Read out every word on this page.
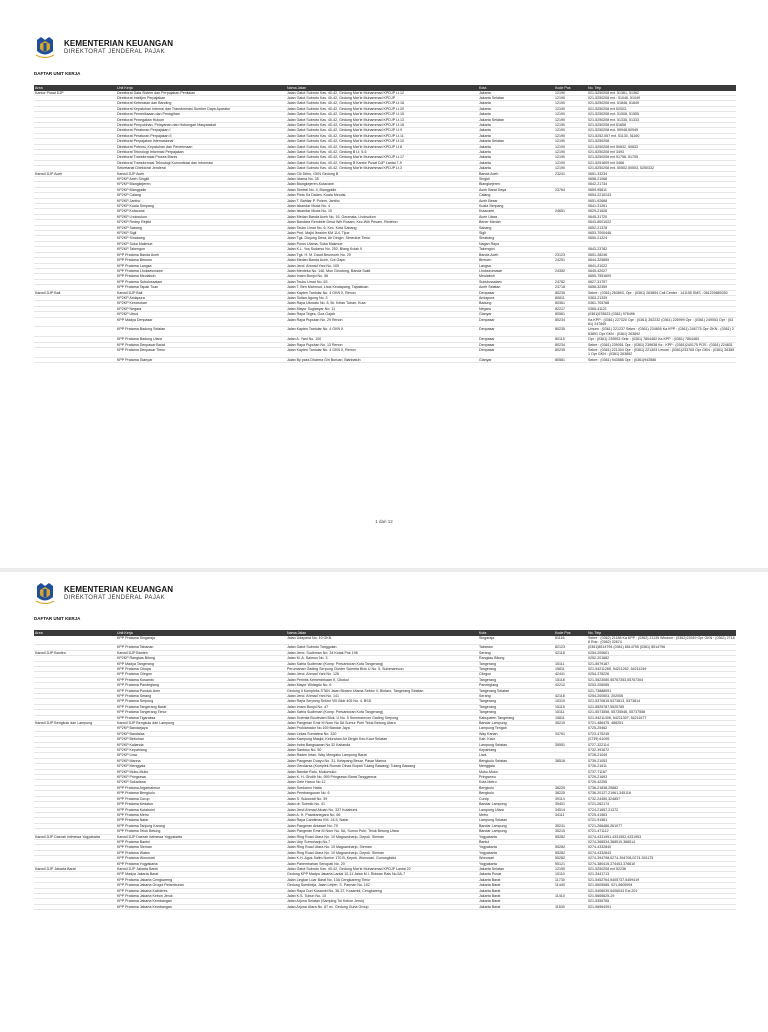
KEMENTERIAN KEUANGAN
DIREKTORAT JENDERAL PAJAK
DAFTAR UNIT KERJA
Area	Unit Kerja	Nama Jalan	Kota	Kode Pos	No. Telp
Kantor Pusat DJP	Direktorat Data Sistem dan Perpajakan Penilaian	Jalan Gatot Subroto Kav. 40-42, Gedung Mar'ie Muhammad KPDJP Lt.12	Jakarta	12190	021-5250208 ext. 51361, 51362
	Direktorat Intelijen Perpajakan	Jalan Gatot Subroto Kav. 40-42, Gedung Mar'ie Muhammad KPDJP	Jakarta Selatan	12190	021-5250208 ext : 51046, 51049
	Direktorat Keberatan dan Banding	Jalan Gatot Subroto Kav. 40-42, Gedung Mar'ie Muhammad KPDJP Lt.18	Jakarta	12190	021-5250208 ext. 51846, 51849
	Direktorat Kepatuhan Internal dan Transformasi Sumber Daya Aparatur	Jalan Gatot Subroto Kav. 40-42, Gedung Mar'ie Muhammad KPDJP Lt.20	Jakarta	12190	021-5250208 ext 52003,
	Direktorat Pemeriksaan dan Penagihan	Jalan Gatot Subroto Kav. 40-42, Gedung Mar'ie Muhammad KPDJP Lt.15	Jakarta	12190	021-5250208 ext. 51508, 51555
	Direktorat Penegakan Hukum	Jalan Gatot Subroto Kav. 40-42, Gedung Mar'ie Muhammad KPDJP Lt.13	Jakarta Selatan	12190	021-5250208 ext. 51335, 51333
	Direktorat Penyuluhan, Pelayanan dan Hubungan Masyarakat	Jalan Gatot Subroto Kav. 40-42, Gedung Mar'ie Muhammad KPDJP Lt.16	Jakarta	12190	021-5250208 ext 51658
	Direktorat Peraturan Perpajakan I	Jalan Gatot Subroto Kav. 40-42, Gedung Mar'ie Muhammad KPDJP Lt.9	Jakarta	12190	021-5250208 ext. 50948,50949
	Direktorat Peraturan Perpajakan II	Jalan Gatot Subroto Kav. 40-42, Gedung Mar'ie Muhammad KPDJP Lt.11	Jakarta	12190	021-5252.057 ext. 51130, 51160
	Direktorat Perpajakan Internasional	Jalan Gatot Subroto Kav. 40-42, Gedung Mar'ie Muhammad KPDJP Lt.10	Jakarta Selatan	12190	021-5250208
	Direktorat Potensi, Kepatuhan dan Penerimaan	Jalan Gatot Subroto Kav. 40-42, Gedung Mar'ie Muhammad KPDJP Lt.8	Jakarta	12190	021-5250208 ext 50832, 50833
	Direktorat Teknologi Informasi Perpajakan	Jalan Gatot Subroto Kav. 40-42, Gedung B Lt. 5-6	Jakarta	12190	021-5250208 ext 3493
	Direktorat Transformasi Proses Bisnis	Jalan Gatot Subroto Kav. 40-42, Gedung Mar'ie Muhammad KPDJP Lt.17	Jakarta	12190	021-5250208 ext 51756, 51755
	Direktorat Transformasi Teknologi Komunikasi dan Informasi	Jalan Gatot Subroto Kav. 40-42, Gedung B Kantor Pusat DJP Lantai 7-9	Jakarta	12190	021-5251609 ext 3468
	Sekretariat Direktorat Jenderal	Jalan Gatot Subroto Kav. 40-42, Gedung Mar'ie Muhammad KPDJP Lt.3	Jakarta	12190	021-5250208 ext. 50502,50503, 5250332
Kanwil DJP Aceh	Kanwil DJP Aceh	Jalan Cik Ditiro, GKN Gedung B	Banda Aceh	23241	0651-33234
	KP2KP Aceh Singkil	Jalan Utama No. 35	Singkil		0658-21068
	KP2KP Blangkejeren	Jalan Blangkejeren-Kutacane	Blangkejeren		0642-21734
	KP2KP Blangpidie	Jalan Sentral No. 4, Blangpidie	Aceh Barat Daya	23764	0659-95611
	KP2KP Calang	Jalan Pinto Sa Dalam, Kuala Meurisi,	Calang		0654-2210243
	KP2KP Jantho	Jalan T. Bahtiar P. Polem, Jantho	Aceh Besar		0651-92668
	KP2KP Kuala Simpang	Jalan Iskandar Muda No. 4	Kuala Simpang		0641-31261
	KP2KP Kutacane	Jalan Iskandar Muda No. 10	Kutacane	24651	0629-21628
	KP2KP Lhoksukon	Jalan Medan Banda Aceh No. 16, Geumata, Lhoksukon	Aceh Utara		0645-31720
	KP2KP Redep Rejeki	Jalan Bandara Rembele Desa Wih Rosam, Kec.Wih Pesam, Redelon	Bener Meriah		0643-8001022
	KP2KP Sabang	Jalan Teuku Umar No. 6, Kec. Kota Sabang	Sabang		0652-21378
	KP2KP Sigli	Jalan Prof. Majid Ibrahim KM 114, Tijue	Sigli		0653-7000446
	KP2KP Sinabang	Jalan Tgk. Diujung Desa, Air Dingin, Simeulue Timur	Sinabang		0650-21224
	KP2KP Suka Makmue	Jalan Poros Utama, Suka Makmue	Nagan Raya		
	KP2KP Takengon	Jalan K.L. Yos Sudarso No. 252, Blang Kolak II	Takengon		0643-23782
	KPP Pratama Banda Aceh	Jalan Tgk. H. M. Daud Beureueh No. 20	Banda Aceh	23123	0651-28246
	KPP Pratama Bireuen	Jalan Medan Banda Aceh, Cot Gapu	Bireuen	24251	0644-325859
	KPP Pratama Langsa	Jalan Jend. Ahmad Yani No. 105	Langsa		0641-21022
	KPP Pratama Lhokseumawe	Jalan Merdeka No. 146, Mon Geudong, Banda Sakti	Lhokseumawe	24352	0645-42027
	KPP Pratama Meulaboh	Jalan Imam Bonjol No. 56	Meulaboh		0655-7551609
	KPP Pratama Subulussalam	Jalan Teuku Umar No. 63	Subulussalam	24782	0627-31757
	KPP Pratama Tapak Tuan	Jalan T. Ben Mahmud, Lhok Keutapang, Tapaktuan	Aceh Selatan	23718	0656-32359
Kanwil DJP Bali	Kanwil DJP Bali	Jalan Kapten Tantular No. 4 GKN II, Renon	Denpasar	80235	Sekre : (0361) 263893, Opr : (0361) 263894 Call Center : 141155 SMS : 081229889250
	KP2KP Amlapura	Jalan Sultan Agung No. 3	Amlapura	80811	0363-21339
	KP2KP Kerobokan	Jalan Raya Uluwatu No. 8, Br. Kelan Tuban, Kuta	Badung	80361	0361-705768
	KP2KP Negara	Jalan Mayor Sugianyar No. 11	Negara	82217	0365-41121
	KP2KP Ubud	Jalan Raya Teges, Goa Gajah	Gianyar	80561	(0361)978523 (0361) 976496
	KPP Madya Denpasar	Jalan Raya Puputan No. 29 Renon	Denpasar	80234	Ka KPP : (0361) 227320 Opr : (0361) 262232 (0361) 226999 Opr : (0361) 249053 Opr : (0361) 247849
	KPP Pratama Badung Selatan	Jalan Kapten Tantular No. 4 GKN II	Denpasar	80235	Umum : (0361) 221237 Sekre : (0361) 234805 Ka KPP : (0361) 246775 Opr GKN : (0361) 263891 Opr GKN : (0361) 263892
	KPP Pratama Badung Utara	Jalan A. Yani No. 100	Denpasar	80115	Opr : (0361) 239553 Sekr : (0361) 7804482 Ka KPP : (0361) 7804483
	KPP Pratama Denpasar Barat	Jalan Raya Puputan No. 13 Renon	Denpasar	80234	Sekre : (0361) 239051 Opr : (0361) 239638 Ks : KPP : (0361)240175 POS : (0361) 224831
	KPP Pratama Denpasar Timur	Jalan Kapten Tantular No. 4 GKN II, Renon	Denpasar	80235	Sekre : (0361) 221304 Opr : (0361) 221303 Umum : (0361)233765 Opr GKN : (0361) 263891 Opr GKN : (0361) 263892
	KPP Pratama Gianyar	Jalan By pass Dharma Giri Buruan, Blahbatuh	Gianyar	80581	Sekre : (0361) 943586 Opr : (0361)943586
1 dari 12
KEMENTERIAN KEUANGAN
DIREKTORAT JENDERAL PAJAK
DAFTAR UNIT KERJA
Area	Unit Kerja	Nama Jalan	Kota	Kode Pos	No. Telp
	KPP Pratama Singaraja	Jalan Udayana No. 10 GKN	Singaraja	81116	Sekre : (0362) 21188 Ka KPP : (0362) 21135 Wisdom : (0362)23949 Opr GKN : (0362) 27188 Rdc : (0362) 32674
	KPP Pratama Tabanan	Jalan Gatot Subroto Tanggulan	Tabanan	82123	(0361)8514794 (0361) 8514795 (0361) 8514796
Kanwil DJP Banten	Kanwil DJP Banten	Jalan Jend. Sudirman No. 34 Kotak Pos 196	Serang	42118	0254-200601
	KP2KP Rangkas Bitung	Jalan M. A. Salmun No. 3	Rangkas Bitung		0252-201682
	KPP Madya Tangerang	Jalan Satria Sudirman (Komp. Perkantoran Kota Tangerang)	Tangerang	15111	021-5579187
	KPP Pratama Cikupa	Perumahan Gading Serpong Cluster Scientia Blok U No. 5, Summarecon	Tangerang	15811	021-54211265, 54211262, 54211249
	KPP Pratama Cilegon	Jalan Jend. Ahmad Yani No. 126	Cilegon	42441	0254-376226
	KPP Pratama Kosambi	Jalan Perintis Kemerdekaan II, Cikokol	Tangerang	15118	021-5523080,55767353,55767304
	KPP Pratama Pandeglang	Jalan Mayor Widagdo No. 6	Pandeglang	42212	0253-206085
	KPP Pratama Pondok Aren	Gedung II Kompleks STAN Jalan Bintaro Utama Sektor V, Bintaro, Tangerang Selatan	Tangerang Selatan		021-73888091
	KPP Pratama Serang	Jalan Jend. Ahmad Yani No. 141	Serang	42118	0254-200503, 202006
	KPP Pratama Serpong	Jalan Raya Serpong Sektor VIII Blok 405 No. 4, BSD	Tangerang	15310	021-5370815,5373813, 5373814
	KPP Pratama Tangerang Barat	Jalan Imam Bonjol No. 47	Tangerang	15115	021-5525787,5525785
	KPP Pratama Tangerang Timur	Jalan Satria Sudirman (Komp. Perkantoran Kota Tangerang)	Tangerang	15111	021-5573558, 55735548, 55737558
	KPP Pratama Tigaraksa	Jalan Scientia Boulevard Blok. U No. 5 Summarecon Gading Serpong	Kabupaten Tangerang	15811	021-54211306, 54211307, 54211677
Kanwil DJP Bengkulu dan Lampung	Kanwil DJP Bengkulu dan Lampung	Jalan Pangeran Emir M Noer No 5A Sumur Putri Teluk Betung Utara	Bandar Lampung	35215	0721-486475, 488251
	KP2KP Bandarjaya	Jalan Proklamator No.169 Bandar Jaya	Lampung Tengah		0725-25462
	KP2KP Bandalas	Jalan Lintas Sumatera No. 320	Way Kanan	34761	0723-475245
	KP2KP Bebuhan	Jalan Kampung Masjid, Kelurahan Air Dingin Kec.Kaur Selatan	Kab. Kaur		(0739) 61095
	KP2KP Kalianda	Jalan Indra Bangsawan No.32 Kalianda	Lampung Selatan	35551	0727-322114
	KP2KP Kepahiang	Jalan Santoso No. 50	Kepahiang		0732-391672
	KP2KP Liwa	Jalan Raden Intan, Way Mengaku Lampung Barat	Liwa		0728-21049
	KP2KP Manna	Jalan Pangeran Duayu No. 31, Ketapang Besar, Pasar Manna	Bengkulu Selatan	38516	0739-21053
	KP2KP Menggala	Jalan Gendarsa (Komplek Rumah Dinas Bupati Tulang Bawang) Tulang Bawang	Menggala		0726-21611
	KP2KP Muko-Muko	Jalan Bandar Ratu, Mukomuko	Muko-Muko		0737-71167
	KP2KP Pringsewu	Jalan K. H. Gholib No. 959 Pringsewu Barat Tanggamus	Pringsewu		0729-21693
	KP2KP Sukadana	Jalan Gele Harun No 12	Kota Metro		0725-42255
	KPP Pratama Argamakmur	Jalan Soekarno Hatta	Bengkulu	38225	0736-21638,25882
	KPP Pratama Bengkulu	Jalan Pembangunan No. 6	Bengkulu	38225	0736-20127,21961,345116
	KPP Pratama Curup	Jalan S. Sukowati No. 39	Curup	39114	0732-24450,324857
	KPP Pratama Kedaton	Jalan dr. Soesilo No. 41	Bandar Lampung	35401	0721-262174
	KPP Pratama Kotabumi	Jalan Jend Ahmad Akuan No. 337 Kotabumi	Lampung Utara	34514	0724-21657,21372
	KPP Pratama Metro	Jalan A. H. Prawiranegara No. 66	Metro	34111	0725-41563
	KPP Pratama Natar	Jalan Raya Candimas KM. 24.5, Natar	Lampung Selatan		0721-91581
	KPP Pratama Tanjung Karang	Jalan Pangeran Antasari No. 79	Bandar Lampung	35241	0721-266486,261077
	KPP Pratama Teluk Betung	Jalan Pangeran Emir M Noer No. 5A, Sumur Putri, Teluk Betung Utara	Bandar Lampung	35215	0721-471112
Kanwil DJP Daerah Istimewa Yogyakarta	Kanwil DJP Daerah Istimewa Yogyakarta	Jalan Ring Road Utara No. 10 Maguwoharjo, Depok, Sleman	Yogyakarta	55282	0274-4331951,4331952,4331953
	KPP Pratama Bantul	Jalan Urip Sumoharjo No.7	Bantul		0274-368534,368510,368514
	KPP Pratama Sleman	Jalan Ring Road Utara No. 10 Maguwoharjo, Sleman	Yogyakarta	55282	0274-4332840
	KPP Pratama Wates	Jalan Ring Road Utara No. 10 Maguwoharjo, Depok, Sleman	Yogyakarta	55282	0274-4332843
	KPP Pratama Wonosari	Jalan K.H. Agus Salim Nomor 170 B, Kepek, Wonosari, Gunungkidul	Wonosari	55282	0274-394798,0274-394708,0274-391175
	KPP Pratama Yogyakarta	Jalan Panembahan Senopati No. 20	Yogyakarta	55121	0274-380415,374403,376810
Kanwil DJP Jakarta Barat	Kanwil DJP Jakarta Barat	Jalan Gatot Subroto Kav. 40-42, Gedung Mar'ie Muhammad KPDJP Lantai 22	Jakarta Selatan	12190	021-5250208 ext 52236
	KPP Madya Jakarta Barat	Gedung KPP Madya Jakarta Lantai 10-11 Jalan M.I. Ridwan Rais No.5A-7	Jakarta Pusat	10110	021-3441713
	KPP Pratama Jakarta Cengkareng	Jalan Lingkar Luar Barat No. 10A Cengkareng Timur	Jakarta Barat	11730	021-5452764,5405737,5459419
	KPP Pratama Jakarta Grogol Petamburan	Gedung Soedirdja, Jalan Letjen. S. Parman No. 102	Jakarta Barat	11440	021-5605985, 021-5605994
	KPP Pratama Jakarta Kalideres	Jalan Raya Duri Kosambi No. 36-37, Kosambi, Cengkareng	Jakarta Barat		021-5406039,5406043 Ext.201
	KPP Pratama Jakarta Kebon Jeruk	Jalan K.S. Tubun No. 10	Jakarta Barat	11410	021-5665625-29
	KPP Pratama Jakarta Kembangan	Jalan Arjuna Selatan (Samping Tol Kebon Jeruk)	Jakarta Barat		021-5355765
	KPP Pratama Jakarta Kembangan	Jalan Arjuna Utara No. 87 ex. Gedung Guna Group	Jakarta Barat	11530	021-56964391
